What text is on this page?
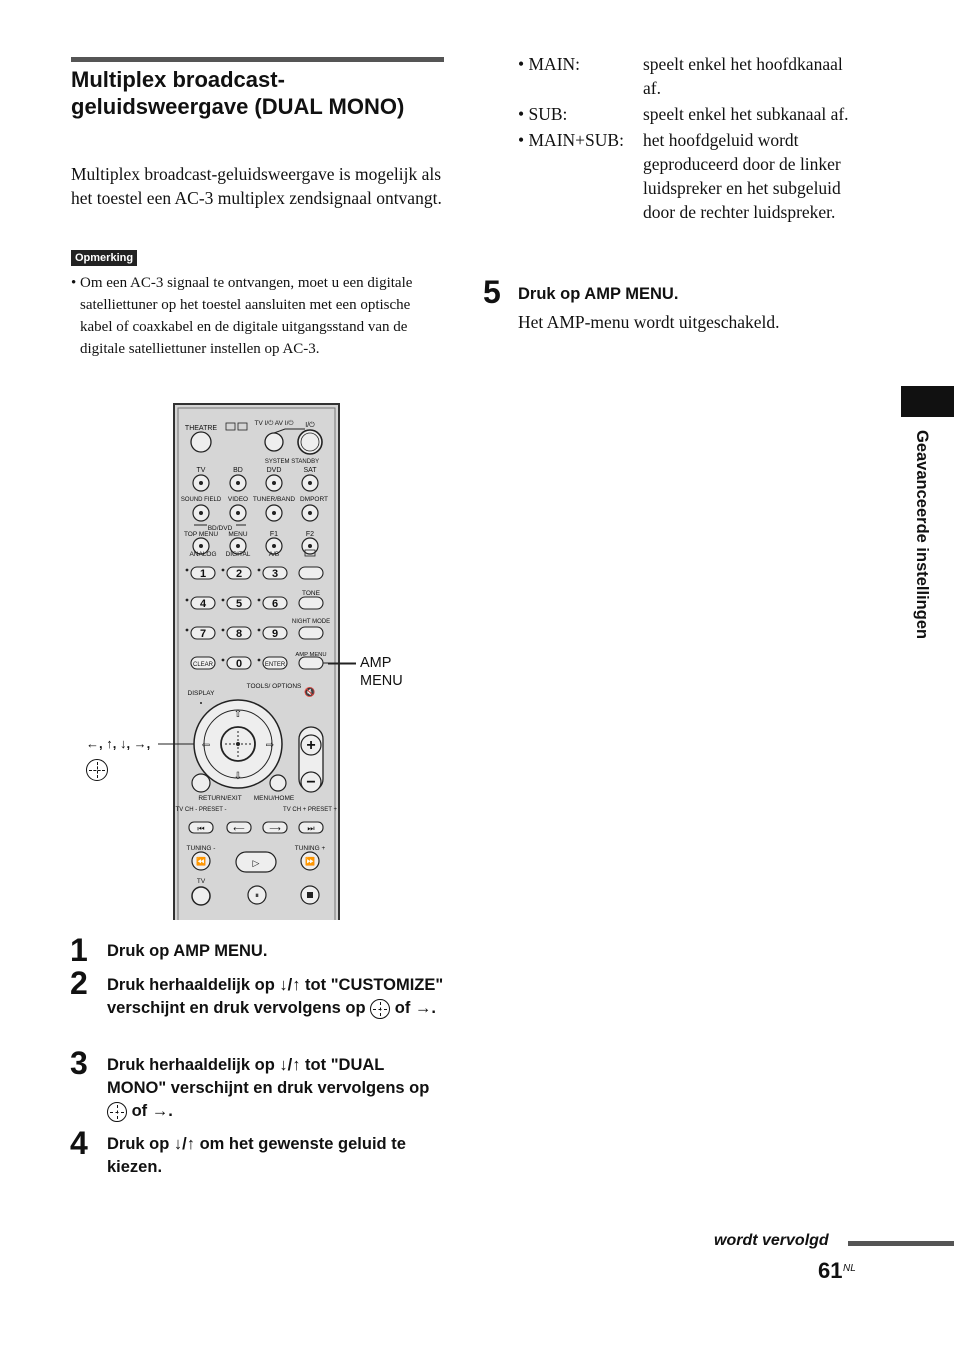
Multiplex broadcast-geluidsweergave (DUAL MONO)
Multiplex broadcast-geluidsweergave is mogelijk als het toestel een AC-3 multiplex zendsignaal ontvangt.
Opmerking
• Om een AC-3 signaal te ontvangen, moet u een digitale satelliettuner op het toestel aansluiten met een optische kabel of coaxkabel en de digitale uitgangsstand van de digitale satelliettuner instellen op AC-3.
THEATRE
TV I/⏻ AV I/⏻ I/⏻
SYSTEM STANDBY
TV	BD	DVD	SAT
SOUND FIELD VIDEO TUNER/BAND DMPORT
BD/DVD
TOP MENU MENU	F1	F2
ANALOG DIGITAL	A/B
1	2	3
4	5	6
7	8	9
0
TONE
NIGHT MODE
CLEAR	ENTER
AMP MENU
DISPLAY
TOOLS/ OPTIONS
🔇
⇧
⇩
⇦	⇨ +
−
RETURN/EXIT MENU/HOME
TV CH - PRESET -	TV CH + PRESET +
⏮	⟵	⟶	⏭
TUNING -	TUNING +
⏪	▷	⏩
TV
⏸
AMP MENU
←, ↑, ↓, →,

1 Druk op AMP MENU.
2 Druk herhaaldelijk op ↓/↑ tot "CUSTOMIZE" verschijnt en druk vervolgens op of →.
3 Druk herhaaldelijk op ↓/↑ tot "DUAL MONO" verschijnt en druk vervolgens op  of →.
4 Druk op ↓/↑ om het gewenste geluid te kiezen.
• MAIN:	speelt enkel het hoofdkanaal af.
• SUB:	speelt enkel het subkanaal af.
• MAIN+SUB: het hoofdgeluid wordt geproduceerd door de linker luidspreker en het subgeluid door de rechter luidspreker.
5 Druk op AMP MENU.
Het AMP-menu wordt uitgeschakeld.
Geavanceerde instellingen
wordt vervolgd
61 NL
